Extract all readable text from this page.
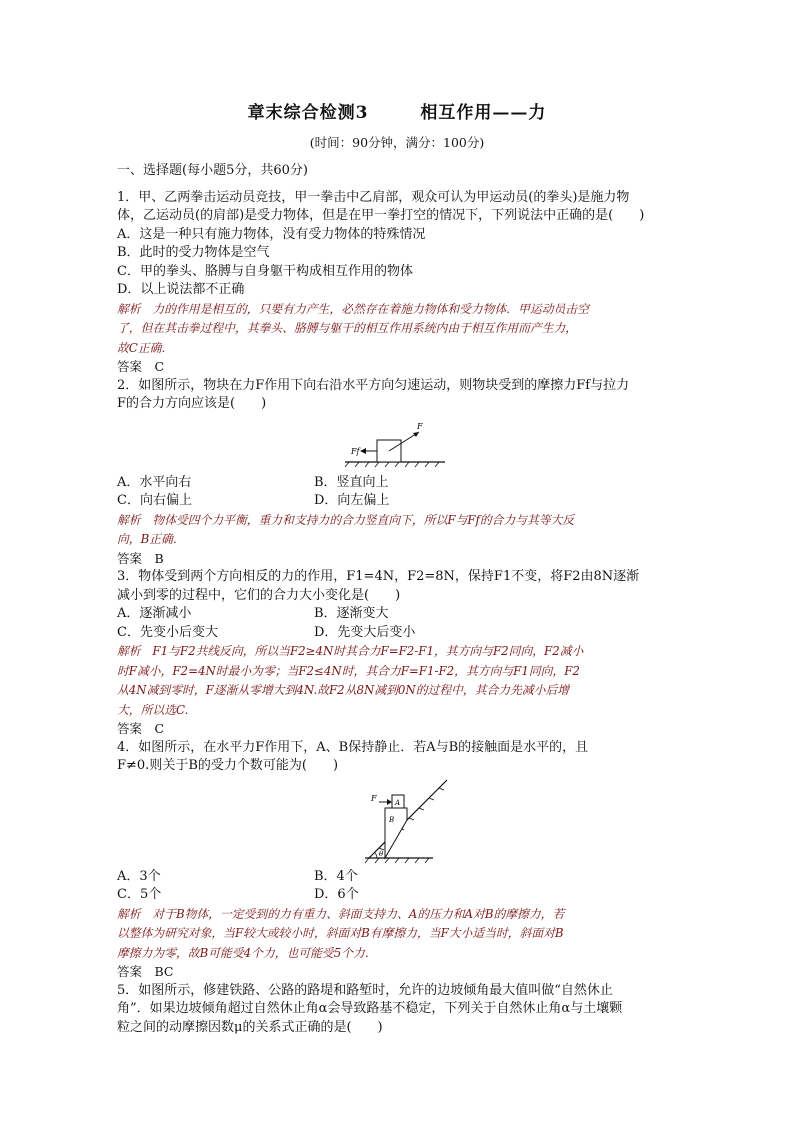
章末综合检测3	相互作用——力
(时间：90分钟，满分：100分)
一、选择题(每小题5分，共60分)
1．甲、乙两拳击运动员竞技，甲一拳击中乙肩部，观众可认为甲运动员(的拳头)是施力物
体，乙运动员(的肩部)是受力物体，但是在甲一拳打空的情况下，下列说法中正确的是(　　)
A．这是一种只有施力物体，没有受力物体的特殊情况
B．此时的受力物体是空气
C．甲的拳头、胳膊与自身躯干构成相互作用的物体
D．以上说法都不正确
解析　力的作用是相互的，只要有力产生，必然存在着施力物体和受力物体．甲运动员击空
了，但在其击拳过程中，其拳头、胳膊与躯干的相互作用系统内由于相互作用而产生力，
故C正确．
答案　C
2．如图所示，物块在力F作用下向右沿水平方向匀速运动，则物块受到的摩擦力Ff与拉力
F的合力方向应该是(　　)
F
Ff
A．水平向右	B．竖直向上
C．向右偏上	D．向左偏上
解析　物体受四个力平衡，重力和支持力的合力竖直向下，所以F与Ff的合力与其等大反
向，B正确．
答案　B
3．物体受到两个方向相反的力的作用，F1=4N，F2=8N，保持F1不变，将F2由8N逐渐
减小到零的过程中，它们的合力大小变化是(　　)
A．逐渐减小	B．逐渐变大
C．先变小后变大	D．先变大后变小
解析　F1与F2共线反向，所以当F2≥4N时其合力F=F2-F1，其方向与F2同向，F2减小
时F减小，F2=4N时最小为零；当F2≤4N时，其合力F=F1-F2，其方向与F1同向，F2
从4N减到零时，F逐渐从零增大到4N.故F2从8N减到0N的过程中，其合力先减小后增
大，所以选C.
答案　C
4．如图所示，在水平力F作用下，A、B保持静止．若A与B的接触面是水平的，且
F≠0.则关于B的受力个数可能为(　　)
F	A
B
θ
A．3个	B．4个
C．5个	D．6个
解析　对于B物体，一定受到的力有重力、斜面支持力、A的压力和A对B的摩擦力，若
以整体为研究对象，当F较大或较小时，斜面对B有摩擦力，当F大小适当时，斜面对B
摩擦力为零，故B可能受4个力，也可能受5个力．
答案　BC
5．如图所示，修建铁路、公路的路堤和路堑时，允许的边坡倾角最大值叫做“自然休止
角”．如果边坡倾角超过自然休止角α会导致路基不稳定，下列关于自然休止角α与土壤颗
粒之间的动摩擦因数μ的关系式正确的是(　　)
